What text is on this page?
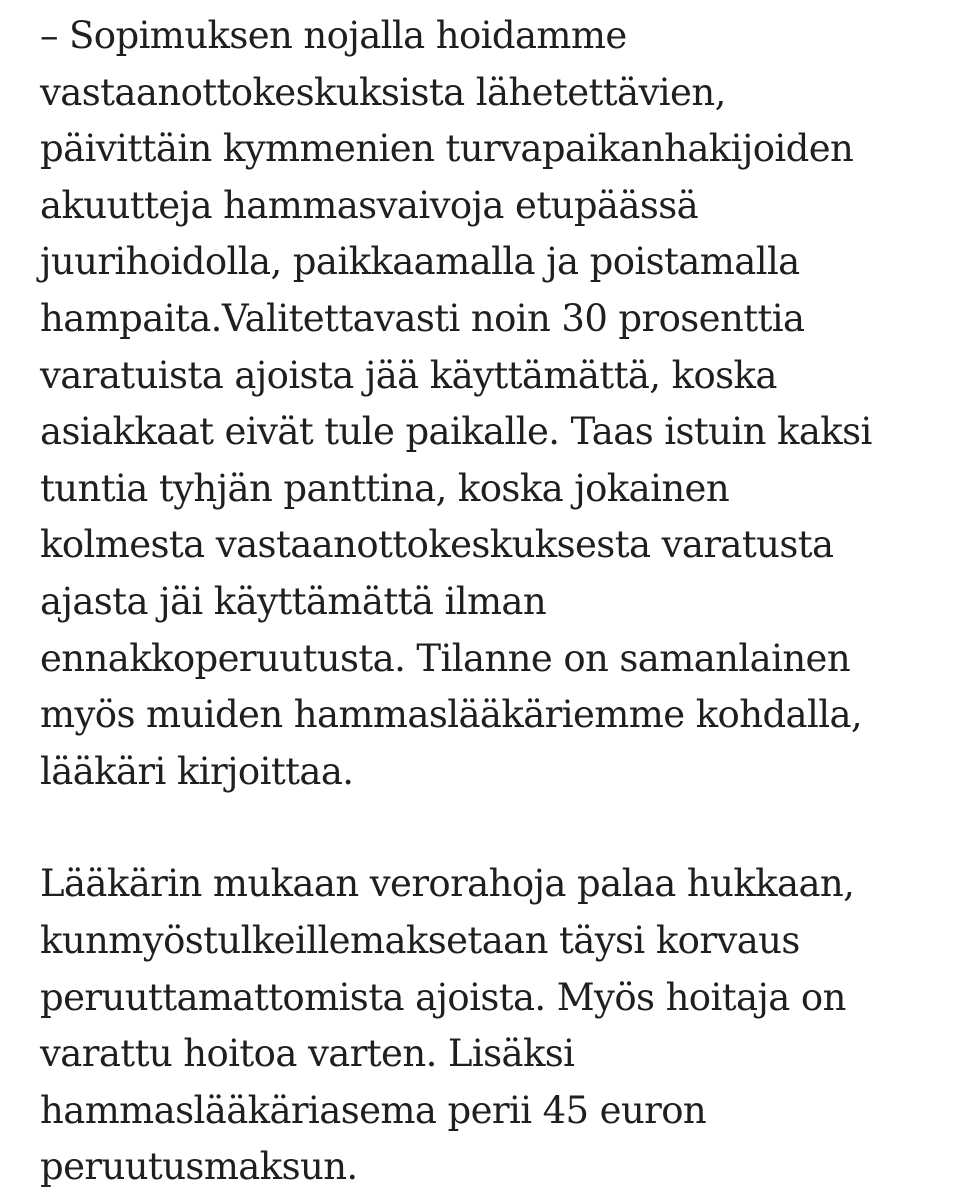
– Sopimuksen nojalla hoidamme
vastaanottokeskuksista lähetettävien,
päivittäin kymmenien turvapaikanhakijoiden
akuutteja hammasvaivoja etupäässä
juurihoidolla, paikkaamalla ja poistamalla
hampaita.Valitettavasti noin 30 prosenttia
varatuista ajoista jää käyttämättä, koska
asiakkaat eivät tule paikalle. Taas istuin kaksi
tuntia tyhjän panttina, koska jokainen
kolmesta vastaanottokeskuksesta varatusta
ajasta jäi käyttämättä ilman
ennakkoperuutusta. Tilanne on samanlainen
myös muiden hammaslääkäriemme kohdalla,
lääkäri kirjoittaa.

Lääkärin mukaan verorahoja palaa hukkaan,
kunmyöstulkeillemaksetaan täysi korvaus
peruuttamattomista ajoista. Myös hoitaja on
varattu hoitoa varten. Lisäksi
hammaslääkäriasema perii 45 euron
peruutusmaksun.
